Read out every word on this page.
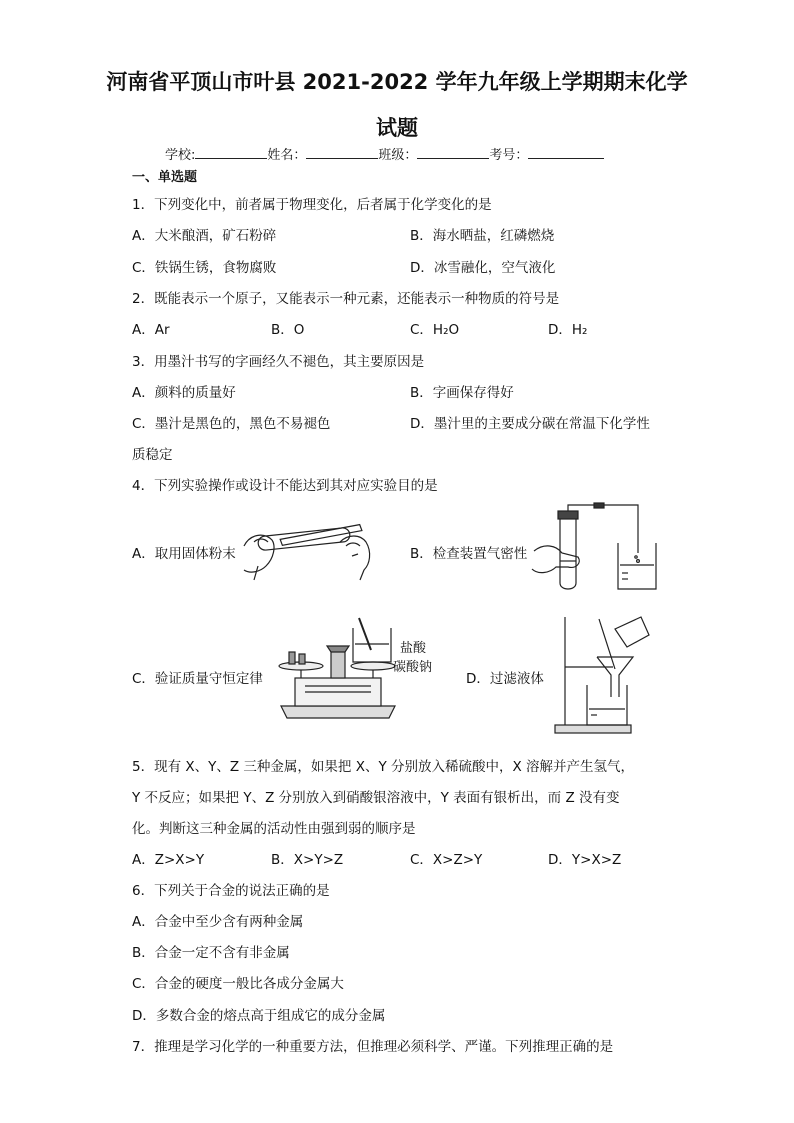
河南省平顶山市叶县 2021-2022 学年九年级上学期期末化学
试题
学校:	姓名：	班级：	考号：
一、单选题
1．下列变化中，前者属于物理变化，后者属于化学变化的是
A．大米酿酒，矿石粉碎	B．海水晒盐，红磷燃烧
C．铁锅生锈，食物腐败	D．冰雪融化，空气液化
2．既能表示一个原子，又能表示一种元素，还能表示一种物质的符号是
A．Ar	B．O	C．H₂O	D．H₂
3．用墨汁书写的字画经久不褪色，其主要原因是
A．颜料的质量好	B．字画保存得好
C．墨汁是黑色的，黑色不易褪色	D．墨汁里的主要成分碳在常温下化学性
质稳定
4．下列实验操作或设计不能达到其对应实验目的是
A．取用固体粉末	B．检查装置气密性
C．验证质量守恒定律
盐酸
碳酸钠
D．过滤液体
5．现有 X、Y、Z 三种金属，如果把 X、Y 分别放入稀硫酸中，X 溶解并产生氢气，
Y 不反应；如果把 Y、Z 分别放入到硝酸银溶液中，Y 表面有银析出，而 Z 没有变
化。判断这三种金属的活动性由强到弱的顺序是
A．Z>X>Y	B．X>Y>Z	C．X>Z>Y	D．Y>X>Z
6．下列关于合金的说法正确的是
A．合金中至少含有两种金属
B．合金一定不含有非金属
C．合金的硬度一般比各成分金属大
D．多数合金的熔点高于组成它的成分金属
7．推理是学习化学的一种重要方法，但推理必须科学、严谨。下列推理正确的是
